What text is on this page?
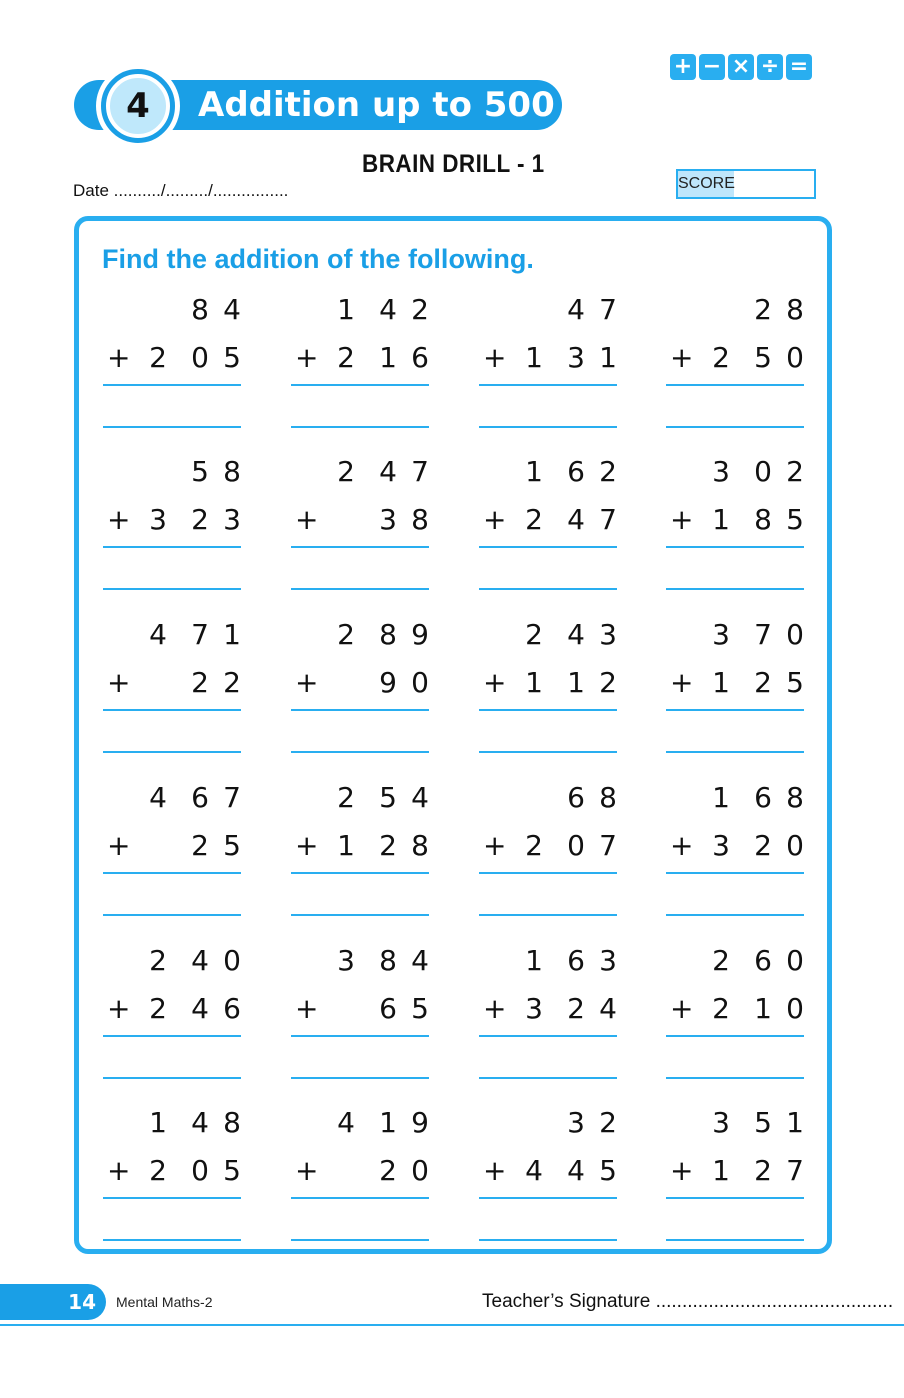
4	Addition up to 500
+ − × ÷ =
BRAIN DRILL - 1
Date ........../........./................	SCORE
Find the addition of the following.
8 4
+ 2 0 5
1 4 2
+ 2 1 6
4 7
+ 1 3 1
2 8
+ 2 5 0
5 8
+ 3 2 3
2 4 7
+	3 8
1 6 2
+ 2 4 7
3 0 2
+ 1 8 5
4 7 1
+	2 2
2 8 9
+	9 0
2 4 3
+ 1 1 2
3 7 0
+ 1 2 5
4 6 7
+	2 5
2 5 4
+ 1 2 8
6 8
+ 2 0 7
1 6 8
+ 3 2 0
2 4 0
+ 2 4 6
3 8 4
+	6 5
1 6 3
+ 3 2 4
2 6 0
+ 2 1 0
1 4 8
+ 2 0 5
4 1 9
+	2 0
3 2
+ 4 4 5
3 5 1
+ 1 2 7
14	Mental Maths-2	Teacher’s Signature .............................................
